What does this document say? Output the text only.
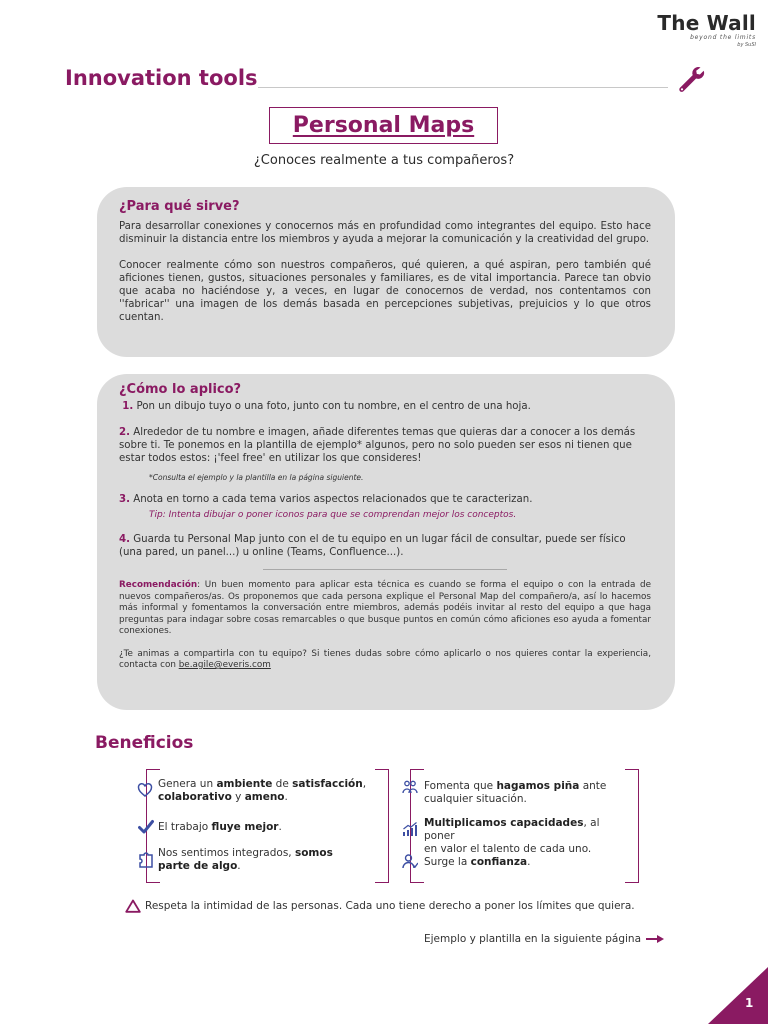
The Wall
beyond the limits
by SuSI
Innovation tools
Personal Maps
¿Conoces realmente a tus compañeros?
¿Para qué sirve?
Para desarrollar conexiones y conocernos más en profundidad como integrantes del equipo. Esto hace disminuir la distancia entre los miembros y ayuda a mejorar la comunicación y la creatividad del grupo.
Conocer realmente cómo son nuestros compañeros, qué quieren, a qué aspiran, pero también qué aficiones tienen, gustos, situaciones personales y familiares, es de vital importancia. Parece tan obvio que acaba no haciéndose y, a veces, en lugar de conocernos de verdad, nos contentamos con ''fabricar'' una imagen de los demás basada en percepciones subjetivas, prejuicios y lo que otros cuentan.
¿Cómo lo aplico?
1. Pon un dibujo tuyo o una foto, junto con tu nombre, en el centro de una hoja.
2. Alrededor de tu nombre e imagen, añade diferentes temas que quieras dar a conocer a los demás sobre ti. Te ponemos en la plantilla de ejemplo* algunos, pero no solo pueden ser esos ni tienen que estar todos estos: ¡'feel free' en utilizar los que consideres!
*Consulta el ejemplo y la plantilla en la página siguiente.
3. Anota en torno a cada tema varios aspectos relacionados que te caracterizan.
Tip: Intenta dibujar o poner iconos para que se comprendan mejor los conceptos.
4. Guarda tu Personal Map junto con el de tu equipo en un lugar fácil de consultar, puede ser físico (una pared, un panel...) u online (Teams, Confluence...).
Recomendación: Un buen momento para aplicar esta técnica es cuando se forma el equipo o con la entrada de nuevos compañeros/as. Os proponemos que cada persona explique el Personal Map del compañero/a, así lo hacemos más informal y fomentamos la conversación entre miembros, además podéis invitar al resto del equipo a que haga preguntas para indagar sobre cosas remarcables o que busque puntos en común cómo aficiones eso ayuda a fomentar conexiones.
¿Te animas a compartirla con tu equipo? Si tienes dudas sobre cómo aplicarlo o nos quieres contar la experiencia, contacta con be.agile@everis.com
Beneficios
Genera un ambiente de satisfacción,
colaborativo y ameno.
El trabajo fluye mejor.
Nos sentimos integrados, somos
parte de algo.
Fomenta que hagamos piña ante
cualquier situación.
Multiplicamos capacidades, al poner
en valor el talento de cada uno.
Surge la confianza.
Respeta la intimidad de las personas. Cada uno tiene derecho a poner los límites que quiera.
Ejemplo y plantilla en la siguiente página
1
